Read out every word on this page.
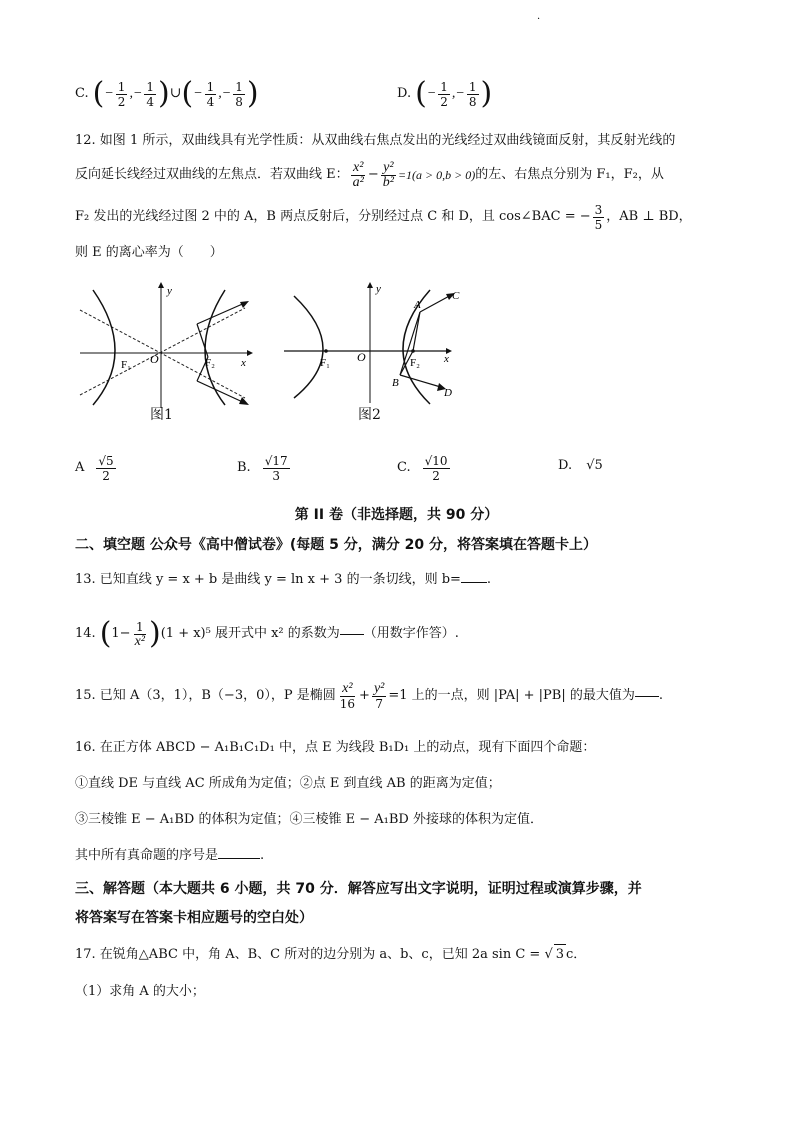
·
C. ( − $\frac{1}{2}$ ,− $\frac{1}{4}$ ) ∪ ( − $\frac{1}{4}$ ,− $\frac{1}{8}$ )	D. ( − $\frac{1}{2}$ ,− $\frac{1}{8}$ )
12. 如图 1 所示，双曲线具有光学性质：从双曲线右焦点发出的光线经过双曲线镜面反射，其反射光线的
反向延长线经过双曲线的左焦点．若双曲线 E： $\frac{\text{x²}}{\text{a²}} - \frac{\text{y²}}{\text{b²}} =1(a > 0,b > 0)$ 的左、右焦点分别为 F₁，F₂，从
F₂ 发出的光线经过图 2 中的 A，B 两点反射后，分别经过点 C 和 D，且 cos∠BAC = − $\frac{3}{5}$ ，AB ⊥ BD，
则 E 的离心率为（　　）
y
x
O
F₁	F₂
图1
y
x
O
F₁	F₂
A
B
C
D
图2
A $\frac{√5}{2}$	B. $\frac{√17}{3}$	C. $\frac{√10}{2}$	D. √5
第 II 卷（非选择题，共 90 分）
二、填空题 公众号《高中僧试卷》(每题 5 分，满分 20 分，将答案填在答题卡上）
13. 已知直线 y = x + b 是曲线 y = ln x + 3 的一条切线，则 b= .
14. ( $1- \frac{1}{\text{x²}}$ ) (1 + x)⁵ 展开式中 x² 的系数为 （用数字作答）.
15. 已知 A（3，1），B（−3，0），P 是椭圆 $\frac{\text{x²}}{16} + \frac{\text{y²}}{7} =1$ 上的一点，则 |PA| + |PB| 的最大值为 .
16. 在正方体 ABCD − A₁B₁C₁D₁ 中，点 E 为线段 B₁D₁ 上的动点，现有下面四个命题：
①直线 DE 与直线 AC 所成角为定值；②点 E 到直线 AB 的距离为定值；
③三棱锥 E − A₁BD 的体积为定值；④三棱锥 E − A₁BD 外接球的体积为定值．
其中所有真命题的序号是	.
三、解答题（本大题共 6 小题，共 70 分．解答应写出文字说明，证明过程或演算步骤，并
将答案写在答案卡相应题号的空白处）
17. 在锐角△ABC 中，角 A、B、C 所对的边分别为 a、b、c，已知 2a sin C = √ 3 c．
（1）求角 A 的大小；
